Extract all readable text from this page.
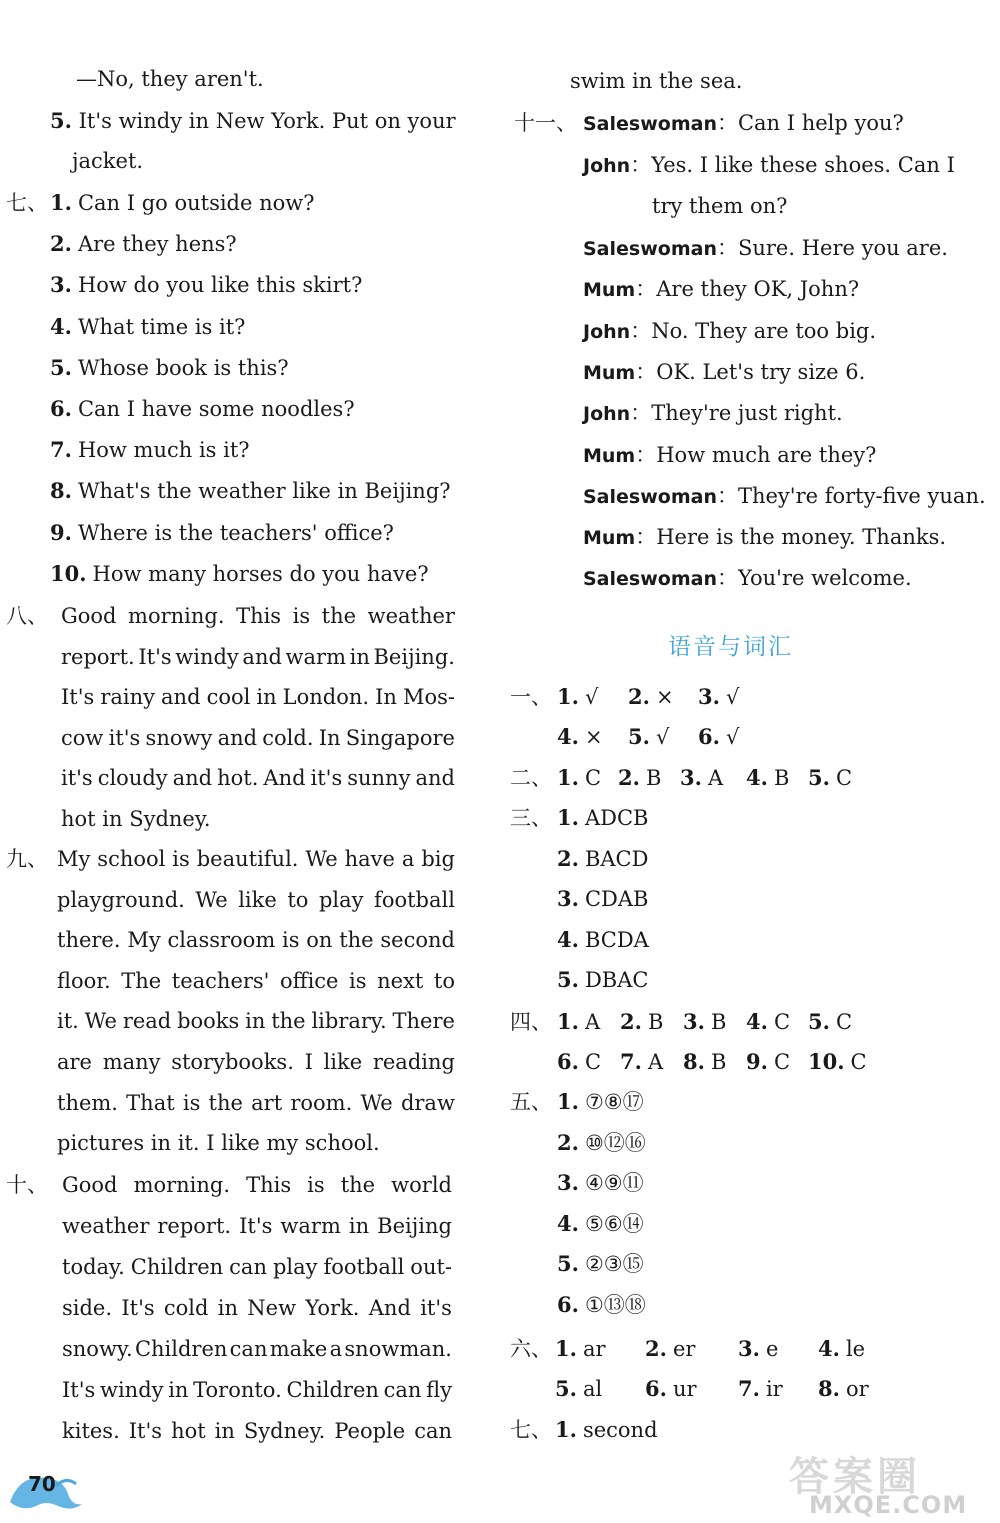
—No, they aren't.
5. It's windy in New York. Put on your
jacket.
七、 1. Can I go outside now?
2. Are they hens?
3. How do you like this skirt?
4. What time is it?
5. Whose book is this?
6. Can I have some noodles?
7. How much is it?
8. What's the weather like in Beijing?
9. Where is the teachers' office?
10. How many horses do you have?
八、 Good morning. This is the weather
report. It's windy and warm in Beijing.
It's rainy and cool in London. In Mos-
cow it's snowy and cold. In Singapore
it's cloudy and hot. And it's sunny and
hot in Sydney.
九、 My school is beautiful. We have a big
playground. We like to play football
there. My classroom is on the second
floor. The teachers' office is next to
it. We read books in the library. There
are many storybooks. I like reading
them. That is the art room. We draw
pictures in it. I like my school.
十、 Good morning. This is the world
weather report. It's warm in Beijing
today. Children can play football out-
side. It's cold in New York. And it's
snowy. Children can make a snowman.
It's windy in Toronto. Children can fly
kites. It's hot in Sydney. People can
70
swim in the sea.
十一、 Saleswoman：Can I help you?
John：Yes. I like these shoes. Can I
try them on?
Saleswoman：Sure. Here you are.
Mum：Are they OK, John?
John：No. They are too big.
Mum：OK. Let's try size 6.
John：They're just right.
Mum：How much are they?
Saleswoman：They're forty-five yuan.
Mum：Here is the money. Thanks.
Saleswoman：You're welcome.
语音与词汇
一、 1. √ 2. × 3. √
4. × 5. √ 6. √
二、 1. C 2. B 3. A 4. B 5. C
三、 1. ADCB
2. BACD
3. CDAB
4. BCDA
5. DBAC
四、 1. A 2. B 3. B 4. C 5. C
6. C 7. A 8. B 9. C 10. C
五、 1. ⑦⑧⑰
2. ⑩⑫⑯
3. ④⑨⑪
4. ⑤⑥⑭
5. ②③⑮
6. ①⑬⑱
六、 1. ar 2. er 3. e 4. le
5. al 6. ur 7. ir 8. or
七、 1. second
答案圈
MXQE.COM
